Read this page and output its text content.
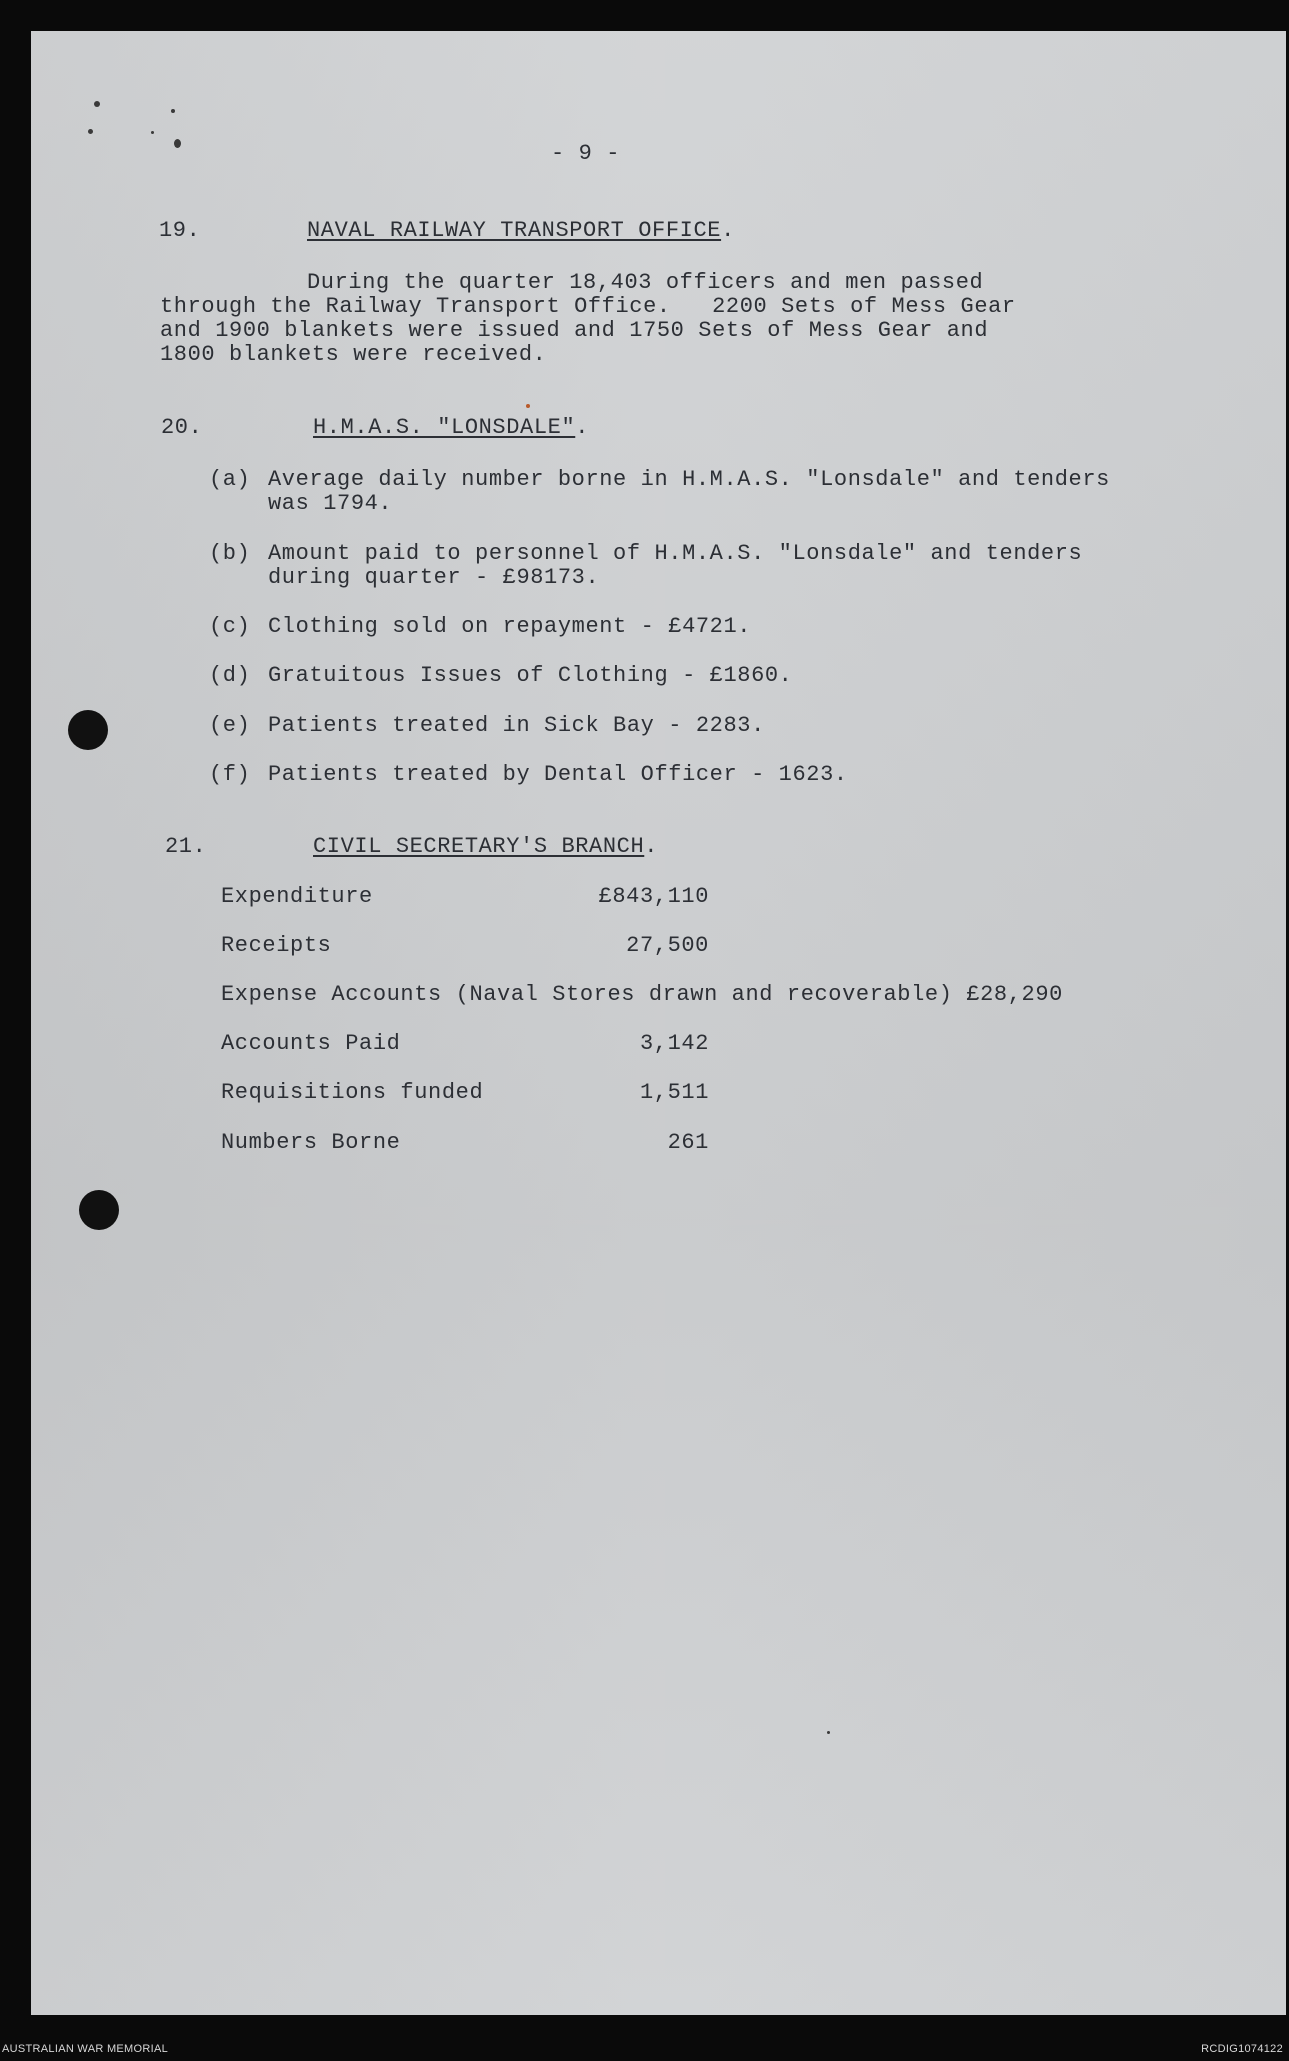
- 9 -
19.	NAVAL RAILWAY TRANSPORT OFFICE.
During the quarter 18,403 officers and men passed
through the Railway Transport Office.   2200 Sets of Mess Gear
and 1900 blankets were issued and 1750 Sets of Mess Gear and
1800 blankets were received.
20.	H.M.A.S. "LONSDALE".
(a) Average daily number borne in H.M.A.S. "Lonsdale" and tenders
was 1794.
(b) Amount paid to personnel of H.M.A.S. "Lonsdale" and tenders
during quarter - £98173.
(c) Clothing sold on repayment - £4721.
(d) Gratuitous Issues of Clothing - £1860.
(e) Patients treated in Sick Bay - 2283.
(f) Patients treated by Dental Officer - 1623.
21.	CIVIL SECRETARY'S BRANCH.
Expenditure	£843,110
Receipts	27,500
Expense Accounts (Naval Stores drawn and recoverable) £28,290
Accounts Paid	3,142
Requisitions funded	1,511
Numbers Borne	261
AUSTRALIAN WAR MEMORIAL	RCDIG1074122
